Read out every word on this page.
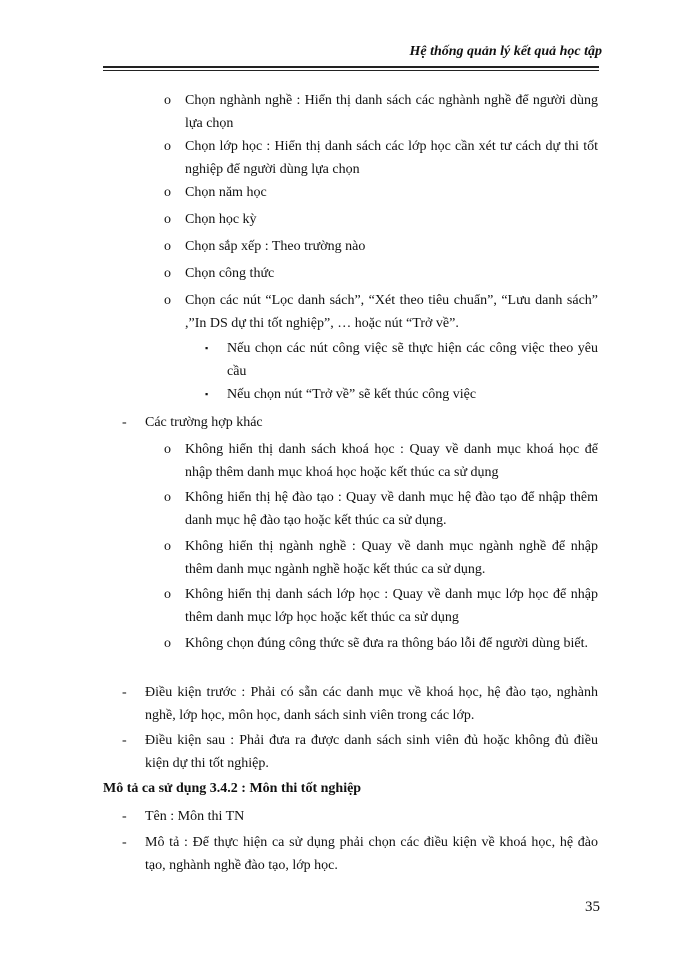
Hệ thống quản lý kết quả học tập
o Chọn nghành nghề : Hiển thị danh sách các nghành nghề để người dùng lựa chọn
o Chọn lớp học : Hiển thị danh sách các lớp học cần xét tư cách dự thi tốt nghiệp để người dùng lựa chọn
o Chọn năm học
o Chọn học kỳ
o Chọn sắp xếp : Theo trường nào
o Chọn công thức
o Chọn các nút “Lọc danh sách”, “Xét theo tiêu chuẩn”, “Lưu danh sách” ,”In DS dự thi tốt nghiệp”, … hoặc nút “Trở về”.
▪ Nếu chọn các nút công việc sẽ thực hiện các công việc theo yêu cầu
▪ Nếu chọn nút “Trở về” sẽ kết thúc công việc
- Các trường hợp khác
o Không hiển thị danh sách khoá học : Quay về danh mục khoá học để nhập thêm danh mục khoá học hoặc kết thúc ca sử dụng
o Không hiển thị hệ đào tạo : Quay về danh mục hệ đào tạo để nhập thêm danh mục hệ đào tạo hoặc kết thúc ca sử dụng.
o Không hiển thị ngành nghề : Quay về danh mục ngành nghề để nhập thêm danh mục ngành nghề hoặc kết thúc ca sử dụng.
o Không hiển thị danh sách lớp học : Quay về danh mục lớp học để nhập thêm danh mục lớp học hoặc kết thúc ca sử dụng
o Không chọn đúng công thức sẽ đưa ra thông báo lỗi để người dùng biết.
- Điều kiện trước : Phải có sẵn các danh mục về khoá học, hệ đào tạo, nghành nghề, lớp học, môn học, danh sách sinh viên trong các lớp.
- Điều kiện sau : Phải đưa ra được danh sách sinh viên đủ hoặc không đủ điều kiện dự thi tốt nghiệp.
Mô tả ca sử dụng 3.4.2 : Môn thi tốt nghiệp
- Tên : Môn thi TN
- Mô tả : Để thực hiện ca sử dụng phải chọn các điều kiện về khoá học, hệ đào tạo, nghành nghề đào tạo, lớp học.
35
